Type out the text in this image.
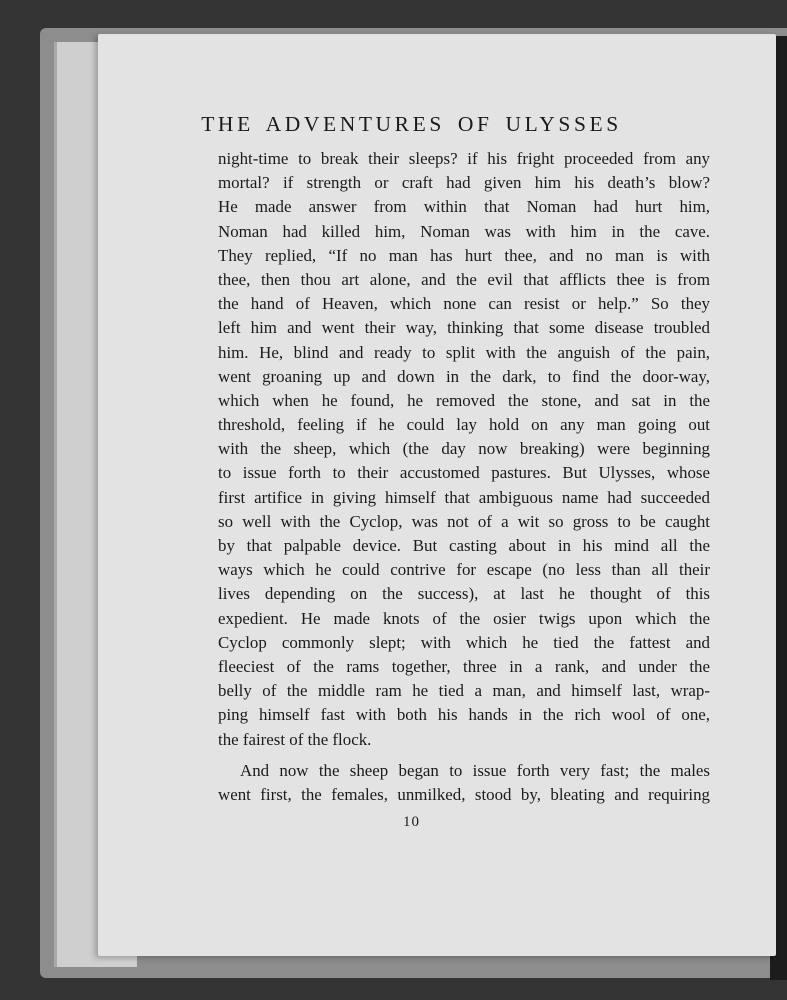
THE ADVENTURES OF ULYSSES
night-time to break their sleeps? if his fright proceeded from any
mortal? if strength or craft had given him his death’s blow?
He made answer from within that Noman had hurt him,
Noman had killed him, Noman was with him in the cave.
They replied, “If no man has hurt thee, and no man is with
thee, then thou art alone, and the evil that afflicts thee is from
the hand of Heaven, which none can resist or help.” So they
left him and went their way, thinking that some disease troubled
him. He, blind and ready to split with the anguish of the pain,
went groaning up and down in the dark, to find the door-way,
which when he found, he removed the stone, and sat in the
threshold, feeling if he could lay hold on any man going out
with the sheep, which (the day now breaking) were beginning
to issue forth to their accustomed pastures. But Ulysses, whose
first artifice in giving himself that ambiguous name had succeeded
so well with the Cyclop, was not of a wit so gross to be caught
by that palpable device. But casting about in his mind all the
ways which he could contrive for escape (no less than all their
lives depending on the success), at last he thought of this
expedient. He made knots of the osier twigs upon which the
Cyclop commonly slept; with which he tied the fattest and
fleeciest of the rams together, three in a rank, and under the
belly of the middle ram he tied a man, and himself last, wrap-
ping himself fast with both his hands in the rich wool of one,
the fairest of the flock.
And now the sheep began to issue forth very fast; the males
went first, the females, unmilked, stood by, bleating and requiring
10
